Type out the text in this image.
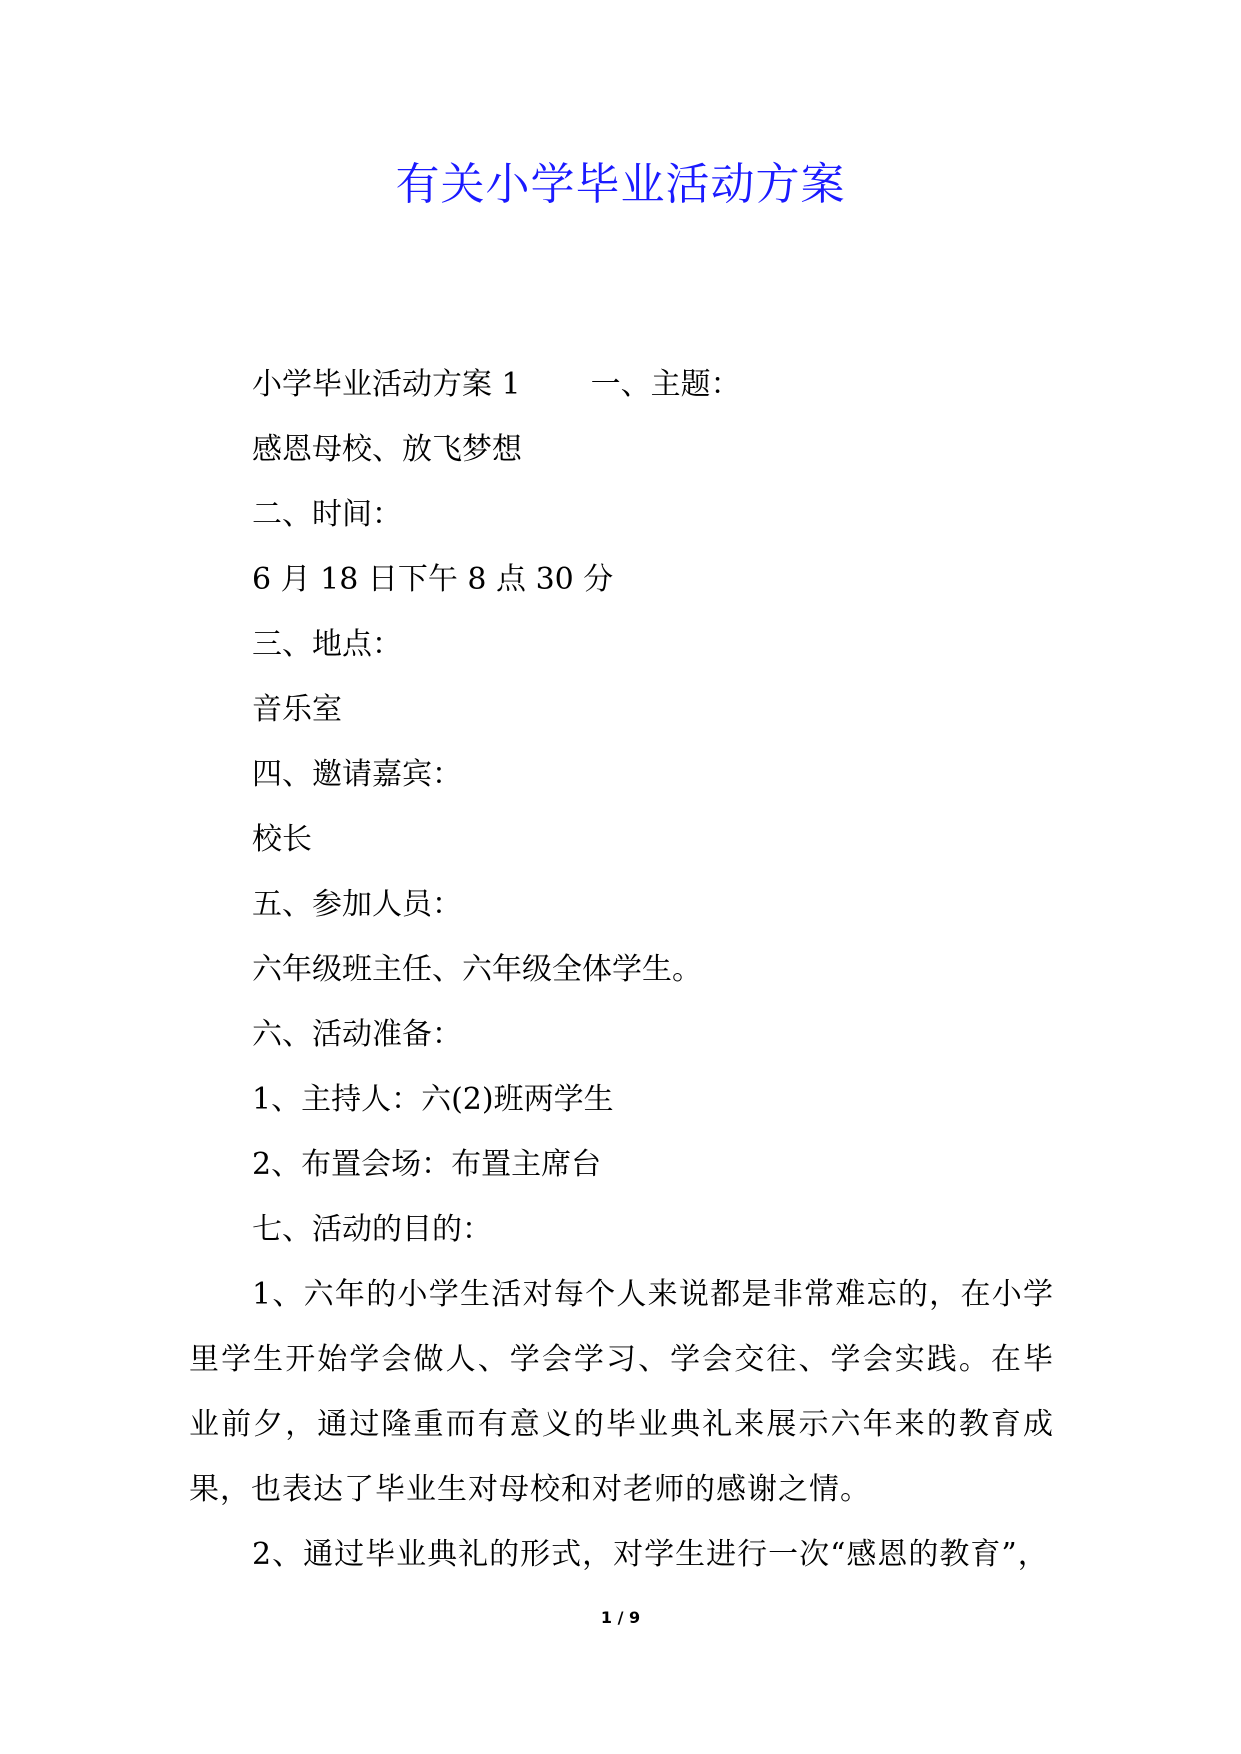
有关小学毕业活动方案

小学毕业活动方案 1 一、主题：

感恩母校、放飞梦想

二、时间：

6 月 18 日下午 8 点 30 分

三、地点：

音乐室

四、邀请嘉宾：

校长

五、参加人员：

六年级班主任、六年级全体学生。

六、活动准备：

1、主持人：六(2)班两学生

2、布置会场：布置主席台

七、活动的目的：

1、六年的小学生活对每个人来说都是非常难忘的，在小学里学生开始学会做人、学会学习、学会交往、学会实践。在毕业前夕，通过隆重而有意义的毕业典礼来展示六年来的教育成果，也表达了毕业生对母校和对老师的感谢之情。

2、通过毕业典礼的形式，对学生进行一次“感恩的教育”，

1 / 9
